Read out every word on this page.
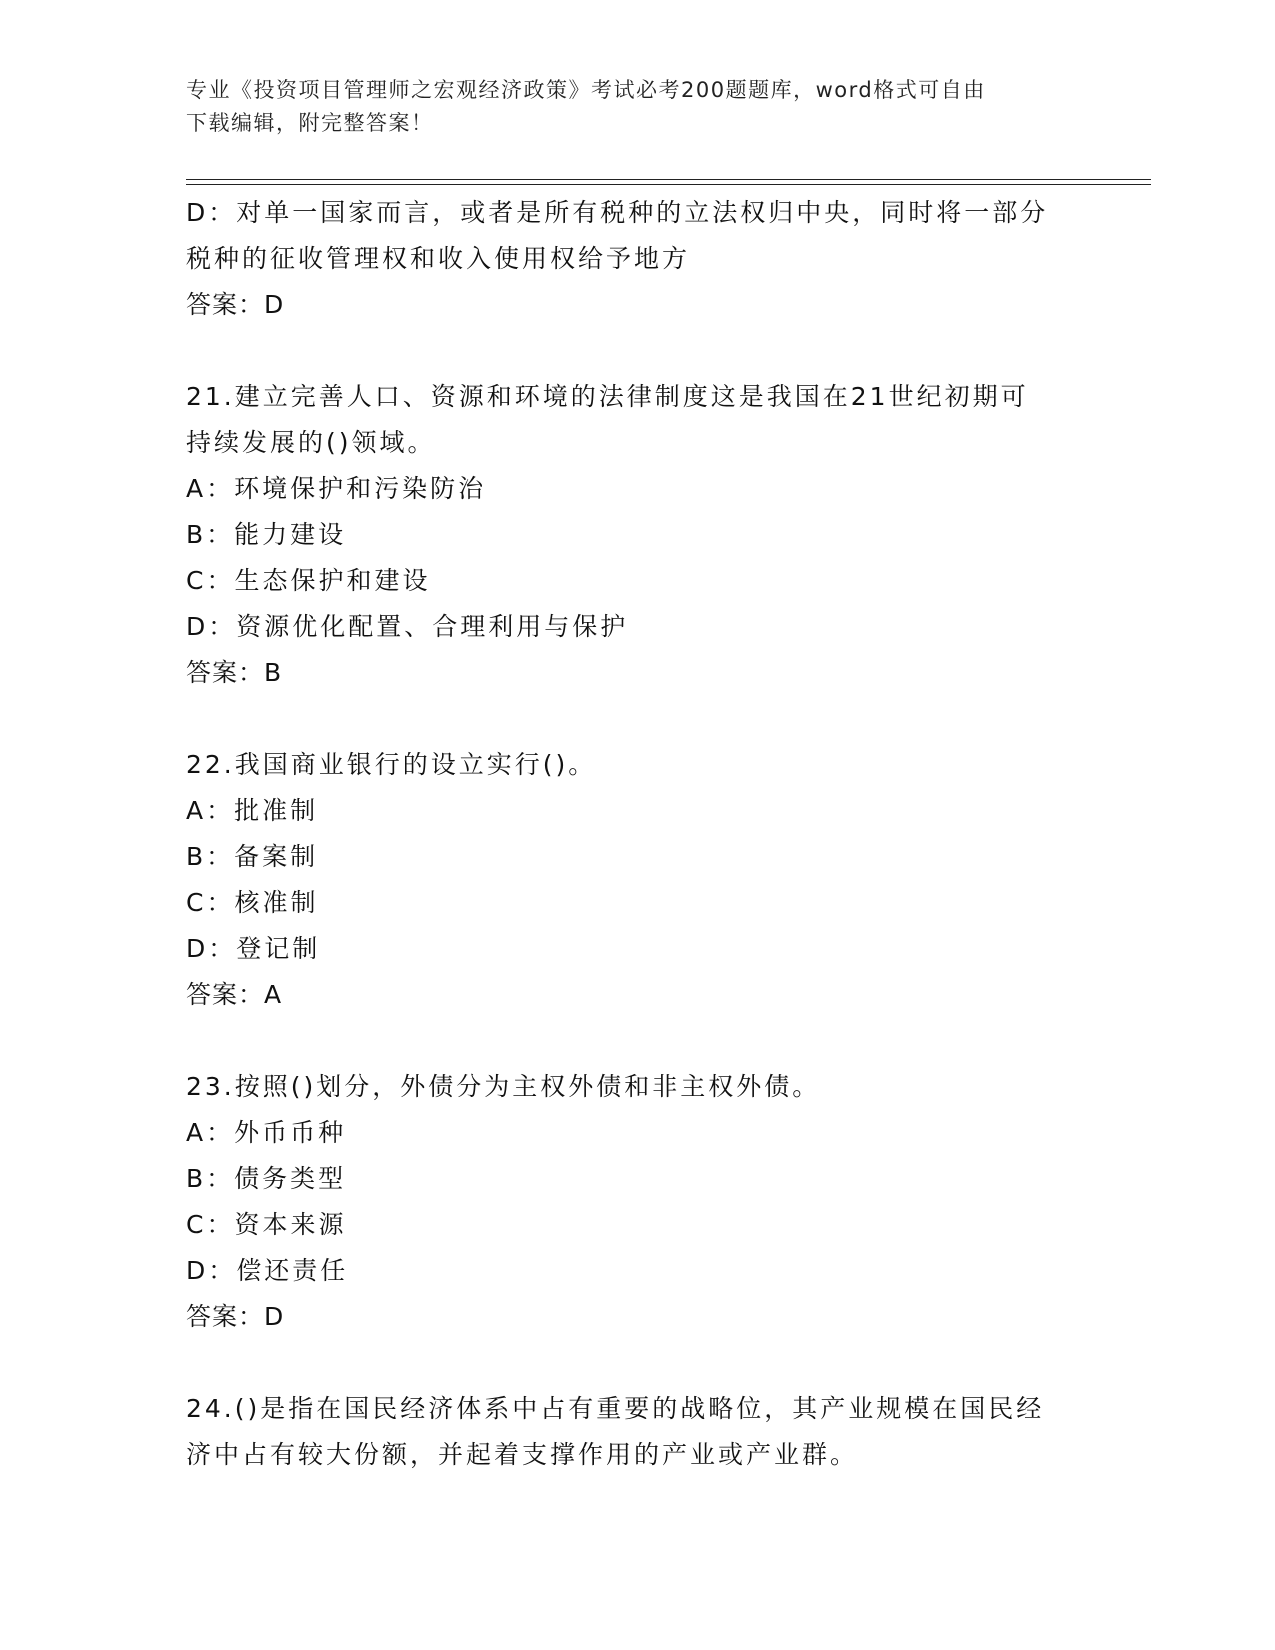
专业《投资项目管理师之宏观经济政策》考试必考200题题库，word格式可自由
下载编辑，附完整答案！
D：对单一国家而言，或者是所有税种的立法权归中央，同时将一部分
税种的征收管理权和收入使用权给予地方
答案：D
21.建立完善人口、资源和环境的法律制度这是我国在21世纪初期可
持续发展的()领域。
A：环境保护和污染防治
B：能力建设
C：生态保护和建设
D：资源优化配置、合理利用与保护
答案：B
22.我国商业银行的设立实行()。
A：批准制
B：备案制
C：核准制
D：登记制
答案：A
23.按照()划分，外债分为主权外债和非主权外债。
A：外币币种
B：债务类型
C：资本来源
D：偿还责任
答案：D
24.()是指在国民经济体系中占有重要的战略位，其产业规模在国民经
济中占有较大份额，并起着支撑作用的产业或产业群。
